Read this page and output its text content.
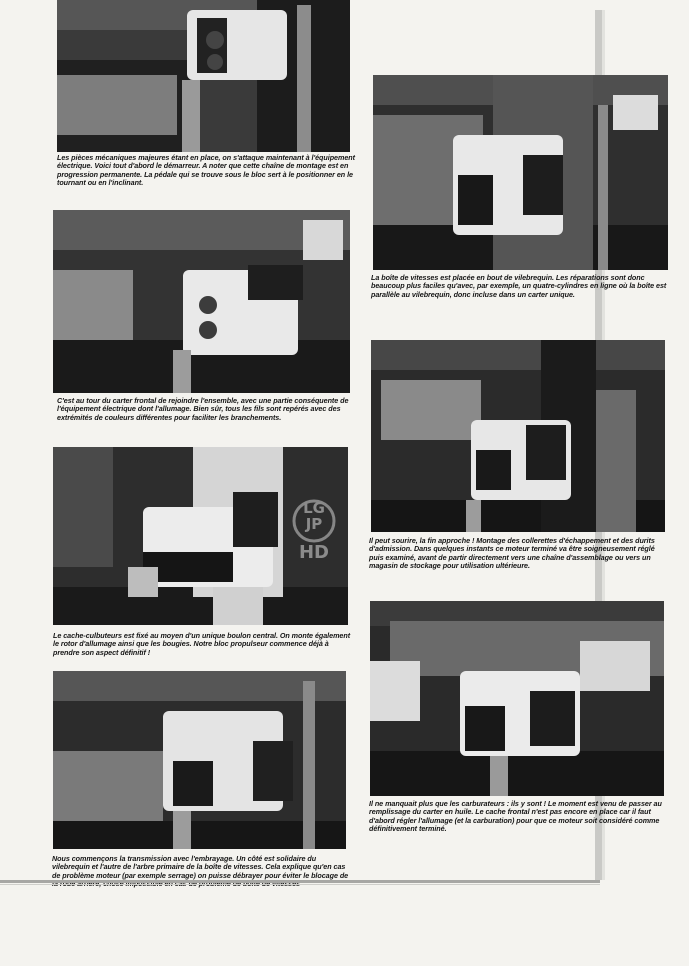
Les pièces mécaniques majeures étant en place, on s'attaque maintenant à l'équipement électrique. Voici tout d'abord le démarreur. A noter que cette chaîne de montage est en progression permanente. La pédale qui se trouve sous le bloc sert à le positionner en le tournant ou en l'inclinant.

C'est au tour du carter frontal de rejoindre l'ensemble, avec une partie conséquente de l'équipement électrique dont l'allumage. Bien sûr, tous les fils sont repérés avec des extrémités de couleurs différentes pour faciliter les branchements.

LG
JP
HD

Le cache-culbuteurs est fixé au moyen d'un unique boulon central. On monte également le rotor d'allumage ainsi que les bougies. Notre bloc propulseur commence déjà à prendre son aspect définitif !

Nous commençons la transmission avec l'embrayage. Un côté est solidaire du vilebrequin et l'autre de l'arbre primaire de la boîte de vitesses. Cela explique qu'en cas de problème moteur (par exemple serrage) on puisse débrayer pour éviter le blocage de

La boîte de vitesses est placée en bout de vilebrequin. Les réparations sont donc beaucoup plus faciles qu'avec, par exemple, un quatre-cylindres en ligne où la boîte est parallèle au vilebrequin, donc incluse dans un carter unique.

Il peut sourire, la fin approche ! Montage des collerettes d'échappement et des durits d'admission. Dans quelques instants ce moteur terminé va être soigneusement réglé puis examiné, avant de partir directement vers une chaîne d'assemblage ou vers un magasin de stockage pour utilisation ultérieure.

Il ne manquait plus que les carburateurs : ils y sont ! Le moment est venu de passer au remplissage du carter en huile. Le cache frontal n'est pas encore en place car il faut d'abord régler l'allumage (et la carburation) pour que ce moteur soit considéré comme définitivement terminé.
